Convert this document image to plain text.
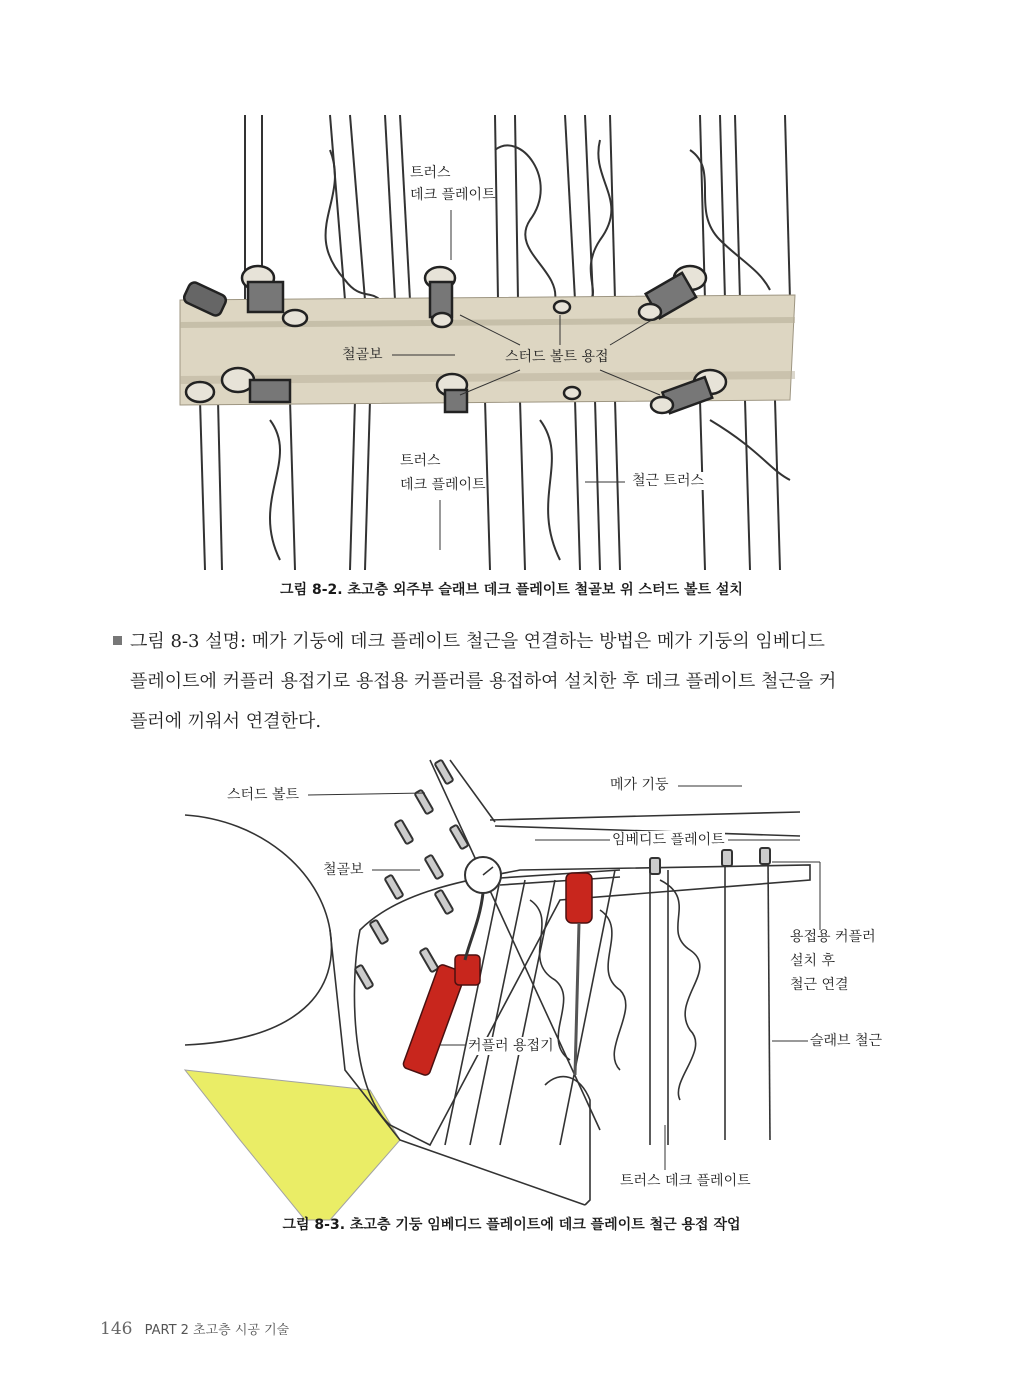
트러스
데크 플레이트
철골보	스터드 볼트 용접
트러스
데크 플레이트	철근 트러스
그림 8-2. 초고층 외주부 슬래브 데크 플레이트 철골보 위 스터드 볼트 설치

그림 8-3 설명: 메가 기둥에 데크 플레이트 철근을 연결하는 방법은 메가 기둥의 임베디드

플레이트에 커플러 용접기로 용접용 커플러를 용접하여 설치한 후 데크 플레이트 철근을 커

플러에 끼워서 연결한다.

스터드 볼트
메가 기둥
임베디드 플레이트
철골보
용접용 커플러
설치 후
철근 연결
슬래브 철근
커플러 용접기
트러스 데크 플레이트
그림 8-3. 초고층 기둥 임베디드 플레이트에 데크 플레이트 철근 용접 작업
146 PART 2 초고층 시공 기술
